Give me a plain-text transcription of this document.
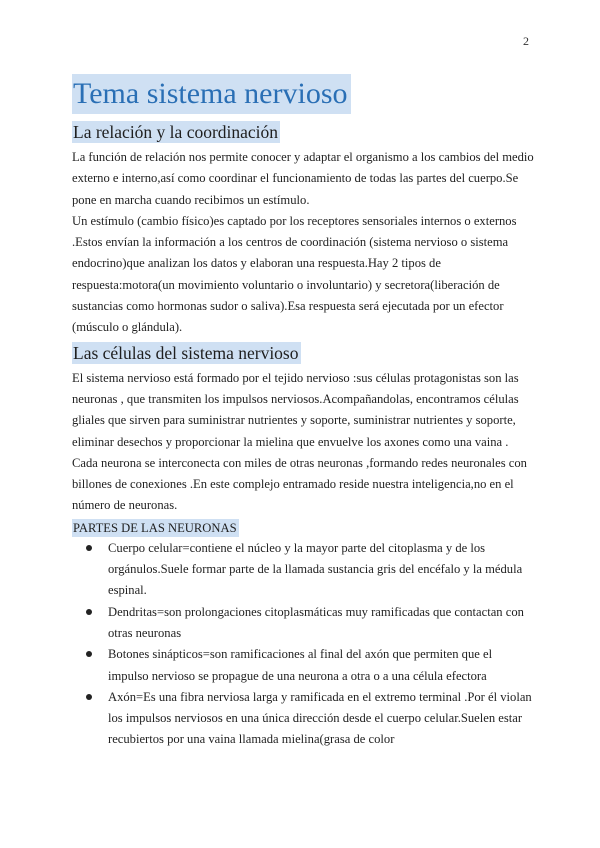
2
Tema sistema nervioso
La relación y la coordinación

La función de relación nos permite conocer y adaptar el organismo a los cambios del medio externo e interno,así como coordinar el funcionamiento de todas las partes del cuerpo.Se pone en marcha cuando recibimos un estímulo.

Un estímulo (cambio físico)es captado por los receptores sensoriales internos o externos .Estos envían la información a los centros de coordinación (sistema nervioso o sistema endocrino)que analizan los datos y elaboran una respuesta.Hay 2 tipos de respuesta:motora(un movimiento voluntario o involuntario) y secretora(liberación de sustancias como hormonas sudor o saliva).Esa respuesta será ejecutada por un efector (músculo o glándula).

Las células del sistema nervioso

El sistema nervioso está formado por el tejido nervioso :sus células protagonistas son las neuronas , que transmiten los impulsos nerviosos.Acompañandolas, encontramos células gliales que sirven para suministrar nutrientes y soporte, suministrar nutrientes y soporte, eliminar desechos y proporcionar la mielina que envuelve los axones como una vaina .

Cada neurona se interconecta con miles de otras neuronas ,formando redes neuronales con billones de conexiones .En este complejo entramado reside nuestra inteligencia,no en el número de neuronas.

PARTES DE LAS NEURONAS
Cuerpo celular=contiene el núcleo y la mayor parte del citoplasma y de los orgánulos.Suele formar parte de la llamada sustancia gris del encéfalo y la médula espinal.
Dendritas=son prolongaciones citoplasmáticas muy ramificadas que contactan con otras neuronas
Botones sinápticos=son ramificaciones al final del axón que permiten que el impulso nervioso se propague de una neurona a otra o a una célula efectora
Axón=Es una fibra nerviosa larga y ramificada en el extremo terminal .Por él violan los impulsos nerviosos en una única dirección desde el cuerpo celular.Suelen estar recubiertos por una vaina llamada mielina(grasa de color
